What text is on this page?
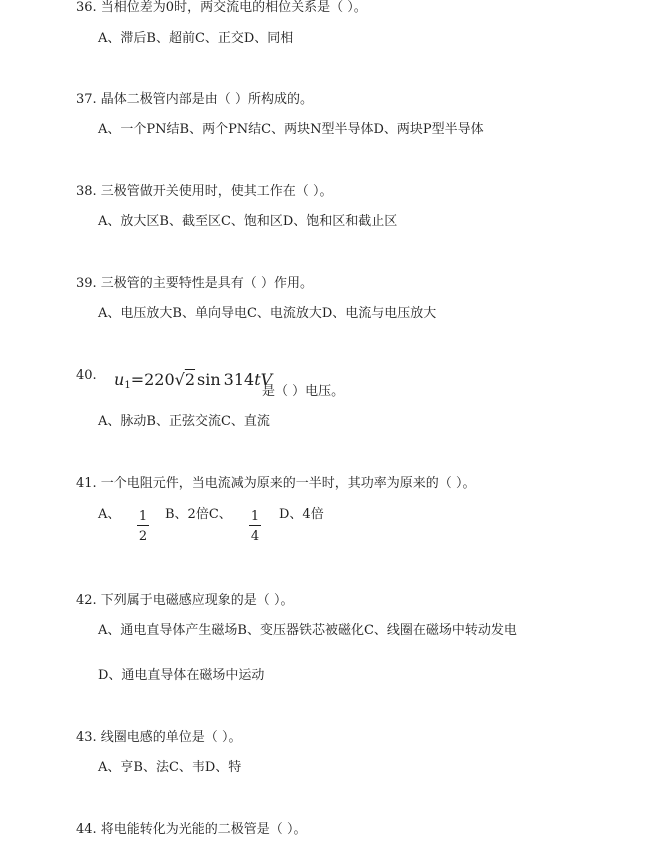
36. 当相位差为0时，两交流电的相位关系是（ ）。
A、滞后B、超前C、正交D、同相
37. 晶体二极管内部是由（ ）所构成的。
A、一个PN结B、两个PN结C、两块N型半导体D、两块P型半导体
38. 三极管做开关使用时，使其工作在（ ）。
A、放大区B、截至区C、饱和区D、饱和区和截止区
39. 三极管的主要特性是具有（ ）作用。
A、电压放大B、单向导电C、电流放大D、电流与电压放大
40. $u_1=220√2$ sin 314tV
是（ ）电压。
A、脉动B、正弦交流C、直流
41. 一个电阻元件，当电流减为原来的一半时，其功率为原来的（ ）。
A、 1
2
B、2倍C、 1
4
D、4倍
42. 下列属于电磁感应现象的是（ ）。
A、通电直导体产生磁场B、变压器铁芯被磁化C、线圈在磁场中转动发电
D、通电直导体在磁场中运动
43. 线圈电感的单位是（ ）。
A、亨B、法C、韦D、特
44. 将电能转化为光能的二极管是（ ）。
